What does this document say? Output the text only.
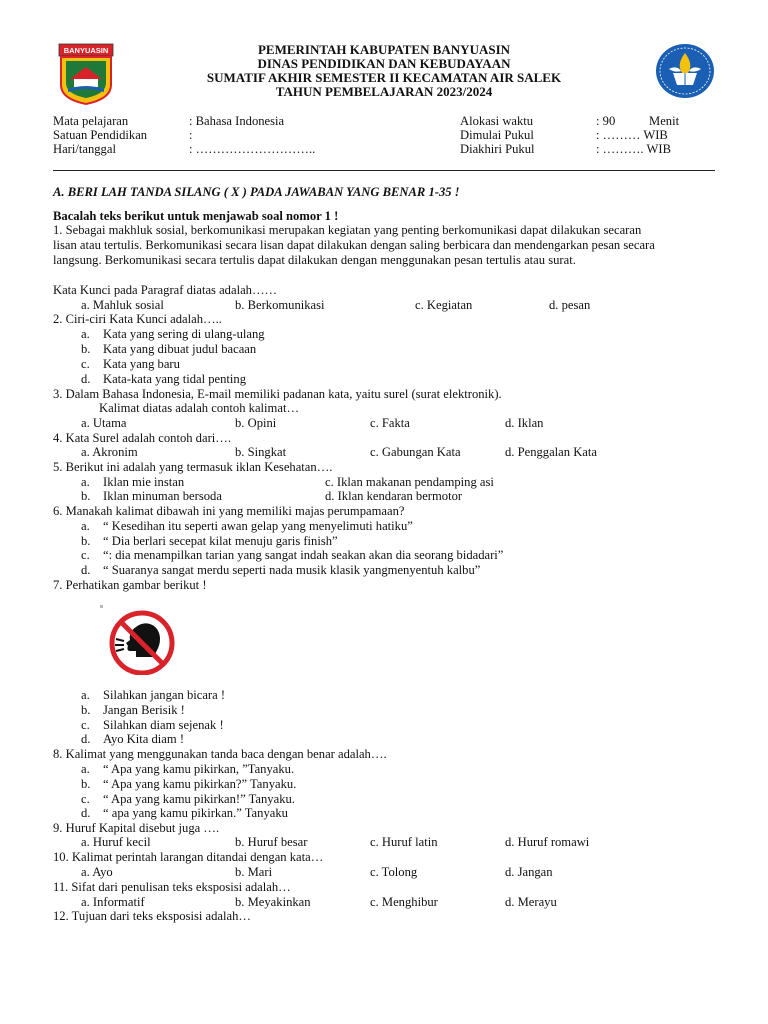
BANYUASIN	PEMERINTAH KABUPATEN BANYUASIN
DINAS PENDIDIKAN DAN KEBUDAYAAN
SUMATIF AKHIR SEMESTER II KECAMATAN AIR SALEK
TAHUN PEMBELAJARAN 2023/2024
Mata pelajaran	: Bahasa Indonesia
Satuan Pendidikan	:
Hari/tanggal	: ………………………..
Alokasi waktu	: 90	Menit
Dimulai Pukul	: ……… WIB
Diakhiri Pukul	: ………. WIB
A. BERI LAH TANDA SILANG ( X ) PADA JAWABAN YANG BENAR 1-35 !
Bacalah teks berikut untuk menjawab soal nomor 1 !
1. Sebagai makhluk sosial, berkomunikasi merupakan kegiatan yang penting berkomunikasi dapat dilakukan secaran
lisan atau tertulis. Berkomunikasi secara lisan dapat dilakukan dengan saling berbicara dan mendengarkan pesan secara
langsung. Berkomunikasi secara tertulis dapat dilakukan dengan menggunakan pesan tertulis atau surat.
Kata Kunci pada Paragraf diatas adalah……
a. Mahluk sosial	b. Berkomunikasi	c. Kegiatan	d. pesan
2. Ciri-ciri Kata Kunci adalah…..
a. Kata yang sering di ulang-ulang
b. Kata yang dibuat judul bacaan
c. Kata yang baru
d. Kata-kata yang tidal penting
3. Dalam Bahasa Indonesia, E-mail memiliki padanan kata, yaitu surel (surat elektronik).
Kalimat diatas adalah contoh kalimat…
a. Utama	b. Opini	c. Fakta	d. Iklan
4. Kata Surel adalah contoh dari….
a. Akronim	b. Singkat	c. Gabungan Kata	d. Penggalan Kata
5. Berikut ini adalah yang termasuk iklan Kesehatan….
a. Iklan mie instan	c. Iklan makanan pendamping asi
b. Iklan minuman bersoda	d. Iklan kendaran bermotor
6. Manakah kalimat dibawah ini yang memiliki majas perumpamaan?
a. “ Kesedihan itu seperti awan gelap yang menyelimuti hatiku”
b. “ Dia berlari secepat kilat menuju garis finish”
c. “: dia menampilkan tarian yang sangat indah seakan akan dia seorang bidadari”
d. “ Suaranya sangat merdu seperti nada musik klasik yangmenyentuh kalbu”
7. Perhatikan gambar berikut !
a. Silahkan jangan bicara !
b. Jangan Berisik !
c. Silahkan diam sejenak !
d. Ayo Kita diam !
8. Kalimat yang menggunakan tanda baca dengan benar adalah….
a. “ Apa yang kamu pikirkan, ”Tanyaku.
b. “ Apa yang kamu pikirkan?” Tanyaku.
c. “ Apa yang kamu pikirkan!” Tanyaku.
d. “ apa yang kamu pikirkan.” Tanyaku
9. Huruf Kapital disebut juga ….
a. Huruf kecil	b. Huruf besar	c. Huruf latin	d. Huruf romawi
10. Kalimat perintah larangan ditandai dengan kata…
a. Ayo	b. Mari	c. Tolong	d. Jangan
11. Sifat dari penulisan teks eksposisi adalah…
a. Informatif	b. Meyakinkan	c. Menghibur	d. Merayu
12. Tujuan dari teks eksposisi adalah…
